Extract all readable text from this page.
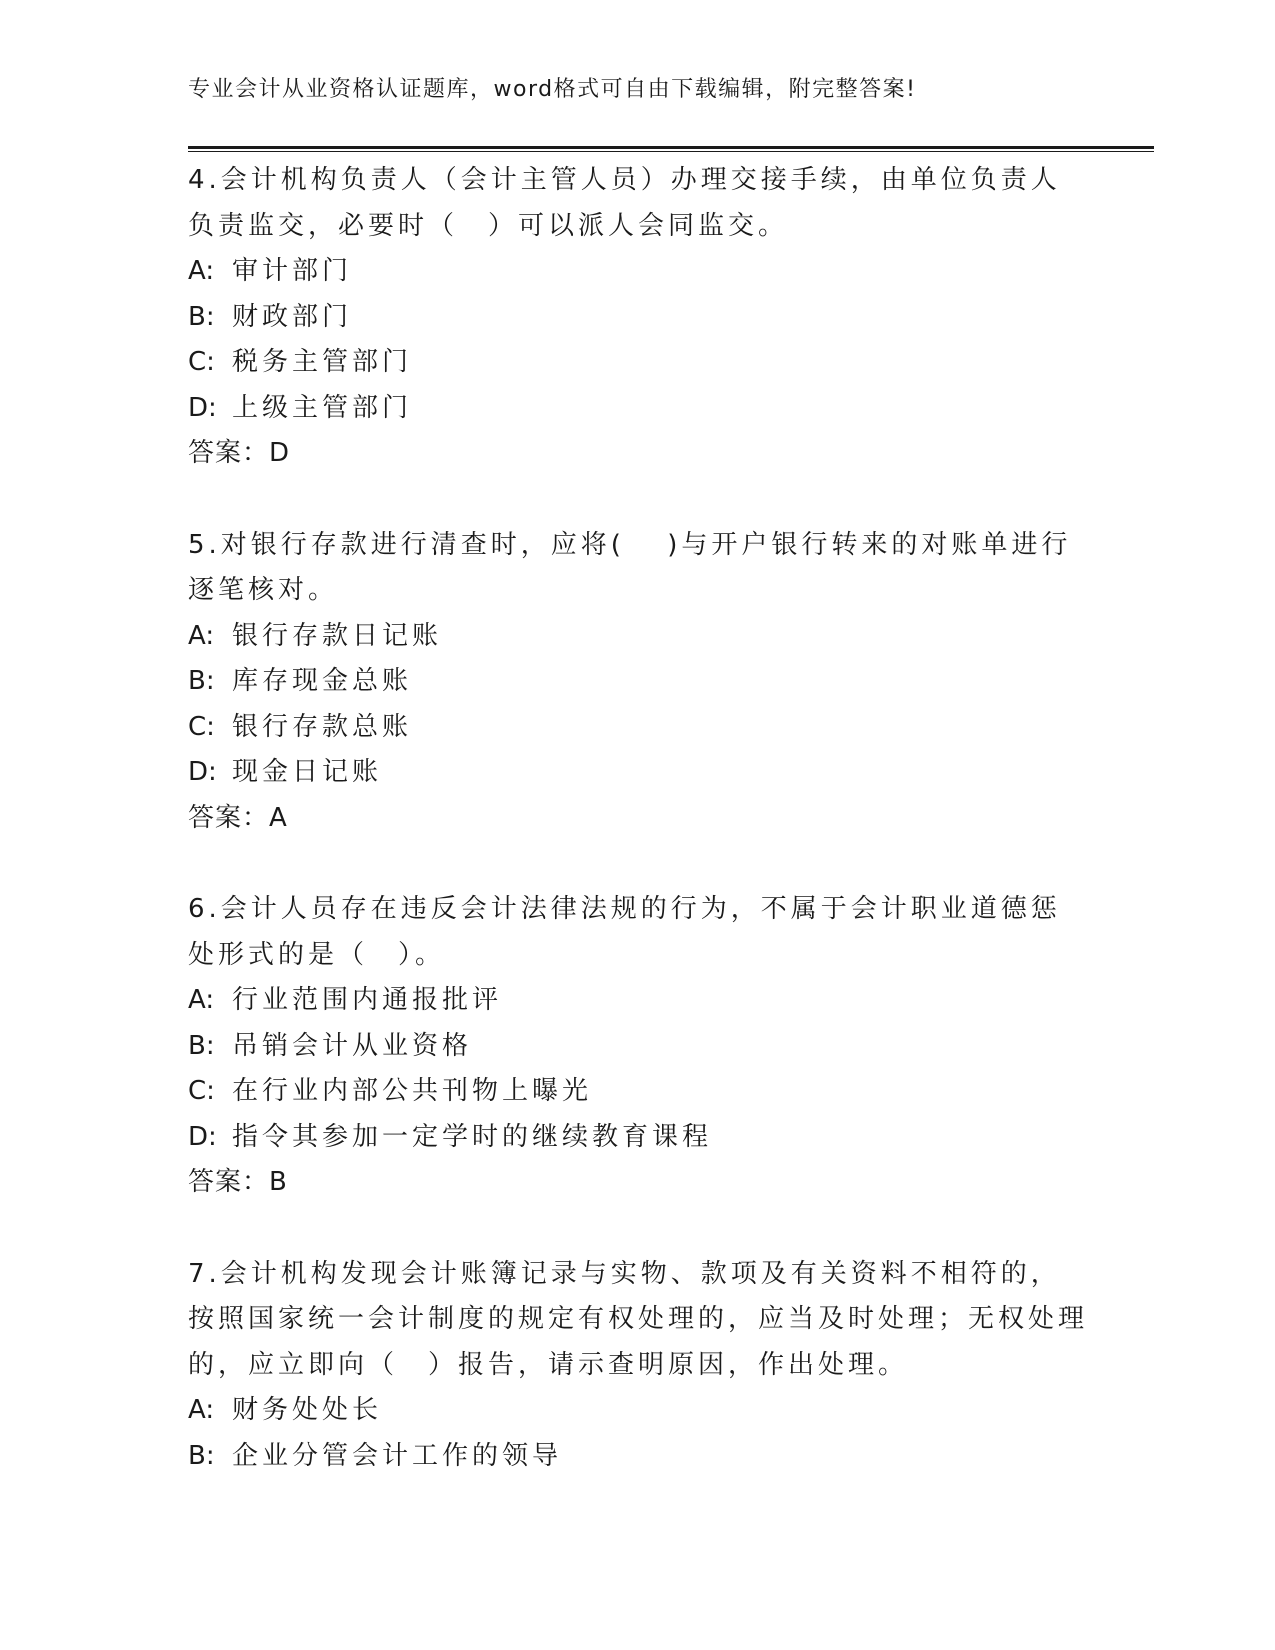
专业会计从业资格认证题库，word格式可自由下载编辑，附完整答案!

4.会计机构负责人（会计主管人员）办理交接手续，由单位负责人负责监交，必要时（　）可以派人会同监交。

A: 审计部门

B: 财政部门

C: 税务主管部门

D: 上级主管部门

答案：D

5.对银行存款进行清查时，应将(　 )与开户银行转来的对账单进行逐笔核对。

A: 银行存款日记账

B: 库存现金总账

C: 银行存款总账

D: 现金日记账

答案：A

6.会计人员存在违反会计法律法规的行为，不属于会计职业道德惩处形式的是（　）。

A: 行业范围内通报批评

B: 吊销会计从业资格

C: 在行业内部公共刊物上曝光

D: 指令其参加一定学时的继续教育课程

答案：B

7.会计机构发现会计账簿记录与实物、款项及有关资料不相符的，按照国家统一会计制度的规定有权处理的，应当及时处理；无权处理的，应立即向（　）报告，请示查明原因，作出处理。

A: 财务处处长

B: 企业分管会计工作的领导
